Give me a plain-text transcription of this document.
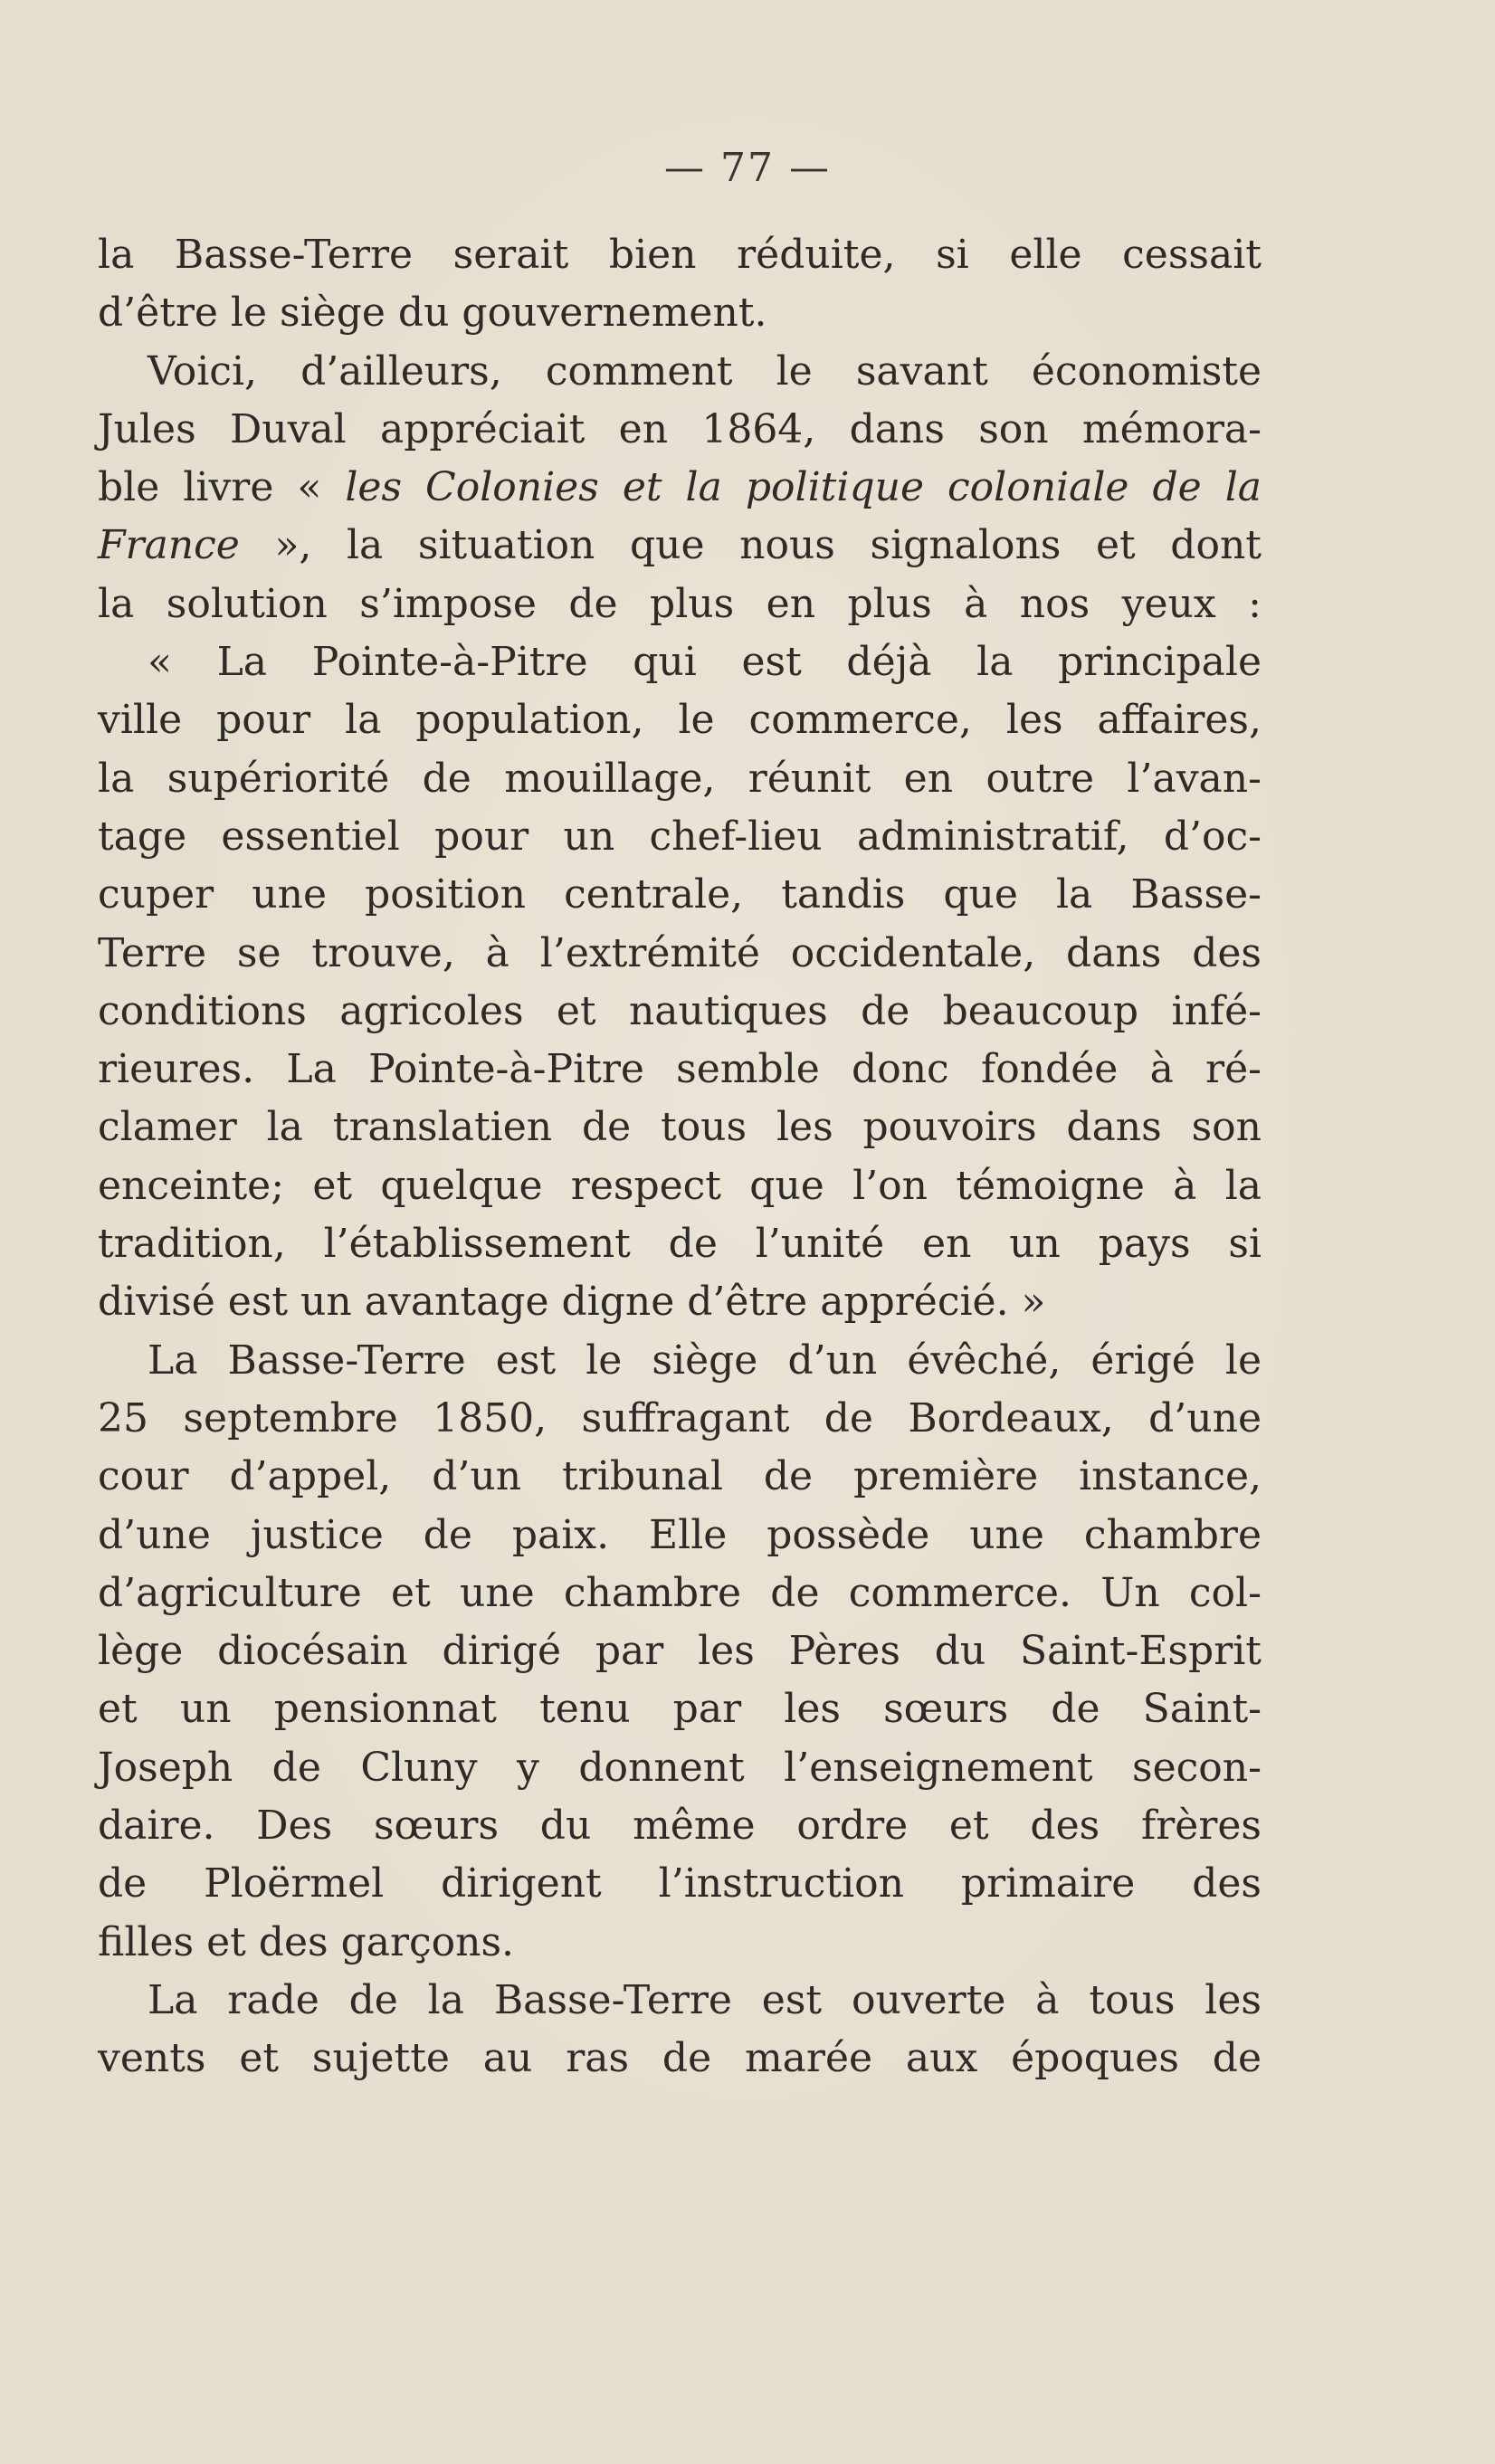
— 77 —
la Basse-Terre serait bien réduite, si elle cessait
d’être le siège du gouvernement.
Voici, d’ailleurs, comment le savant économiste
Jules Duval appréciait en 1864, dans son mémora-
ble livre « les Colonies et la politique coloniale de la
France », la situation que nous signalons et dont
la solution s’impose de plus en plus à nos yeux :
« La Pointe-à-Pitre qui est déjà la principale
ville pour la population, le commerce, les affaires,
la supériorité de mouillage, réunit en outre l’avan-
tage essentiel pour un chef-lieu administratif, d’oc-
cuper une position centrale, tandis que la Basse-
Terre se trouve, à l’extrémité occidentale, dans des
conditions agricoles et nautiques de beaucoup infé-
rieures. La Pointe-à-Pitre semble donc fondée à ré-
clamer la translatien de tous les pouvoirs dans son
enceinte; et quelque respect que l’on témoigne à la
tradition, l’établissement de l’unité en un pays si
divisé est un avantage digne d’être apprécié. »
La Basse-Terre est le siège d’un évêché, érigé le
25 septembre 1850, suffragant de Bordeaux, d’une
cour d’appel, d’un tribunal de première instance,
d’une justice de paix. Elle possède une chambre
d’agriculture et une chambre de commerce. Un col-
lège diocésain dirigé par les Pères du Saint-Esprit
et un pensionnat tenu par les sœurs de Saint-
Joseph de Cluny y donnent l’enseignement secon-
daire. Des sœurs du même ordre et des frères
de Ploërmel dirigent l’instruction primaire des
filles et des garçons.
La rade de la Basse-Terre est ouverte à tous les
vents et sujette au ras de marée aux époques de
